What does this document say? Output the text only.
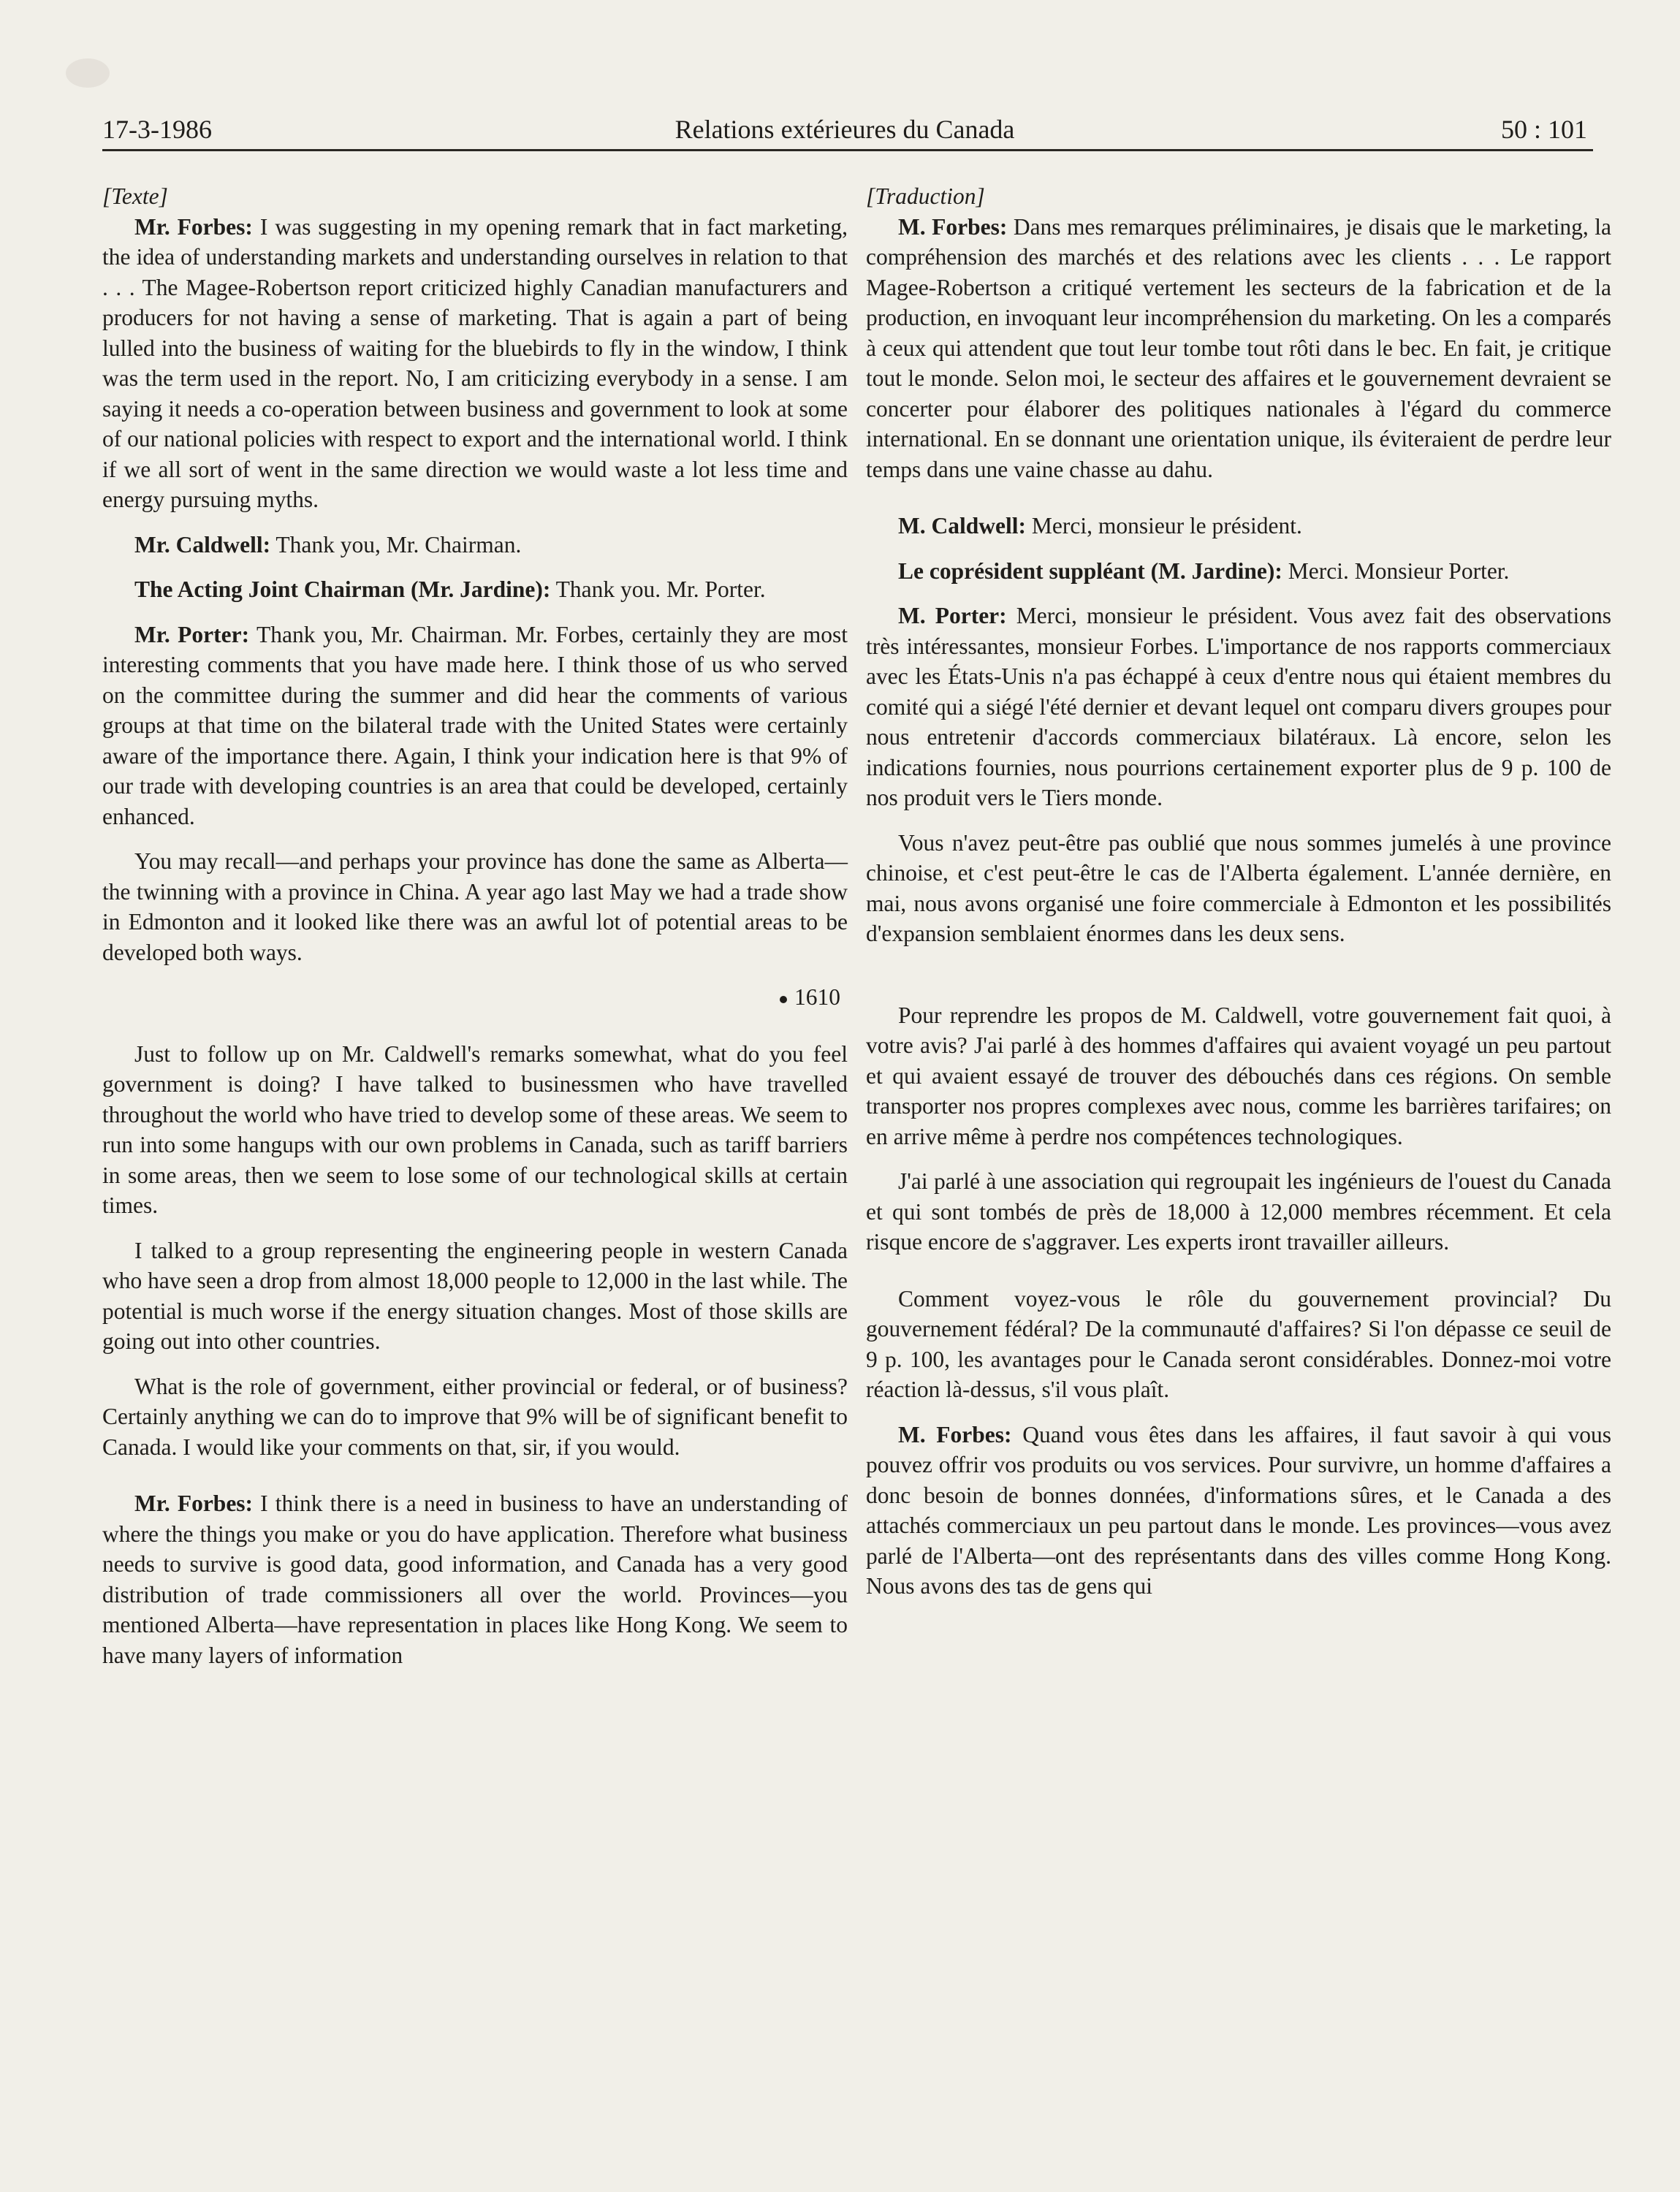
Relations extérieures du Canada
17-3-1986	50 : 101

[Texte]

Mr. Forbes: I was suggesting in my opening remark that in fact marketing, the idea of understanding markets and understanding ourselves in relation to that . . . The Magee-Robertson report criticized highly Canadian manufacturers and producers for not having a sense of marketing. That is again a part of being lulled into the business of waiting for the bluebirds to fly in the window, I think was the term used in the report. No, I am criticizing everybody in a sense. I am saying it needs a co-operation between business and government to look at some of our national policies with respect to export and the international world. I think if we all sort of went in the same direction we would waste a lot less time and energy pursuing myths.

Mr. Caldwell: Thank you, Mr. Chairman.

The Acting Joint Chairman (Mr. Jardine): Thank you. Mr. Porter.

Mr. Porter: Thank you, Mr. Chairman. Mr. Forbes, certainly they are most interesting comments that you have made here. I think those of us who served on the committee during the summer and did hear the comments of various groups at that time on the bilateral trade with the United States were certainly aware of the importance there. Again, I think your indication here is that 9% of our trade with developing countries is an area that could be developed, certainly enhanced.

You may recall—and perhaps your province has done the same as Alberta—the twinning with a province in China. A year ago last May we had a trade show in Edmonton and it looked like there was an awful lot of potential areas to be developed both ways.

1610

Just to follow up on Mr. Caldwell's remarks somewhat, what do you feel government is doing? I have talked to businessmen who have travelled throughout the world who have tried to develop some of these areas. We seem to run into some hangups with our own problems in Canada, such as tariff barriers in some areas, then we seem to lose some of our technological skills at certain times.

I talked to a group representing the engineering people in western Canada who have seen a drop from almost 18,000 people to 12,000 in the last while. The potential is much worse if the energy situation changes. Most of those skills are going out into other countries.

What is the role of government, either provincial or federal, or of business? Certainly anything we can do to improve that 9% will be of significant benefit to Canada. I would like your comments on that, sir, if you would.

Mr. Forbes: I think there is a need in business to have an understanding of where the things you make or you do have application. Therefore what business needs to survive is good data, good information, and Canada has a very good distribution of trade commissioners all over the world. Provinces—you mentioned Alberta—have representation in places like Hong Kong. We seem to have many layers of information

[Traduction]

M. Forbes: Dans mes remarques préliminaires, je disais que le marketing, la compréhension des marchés et des relations avec les clients . . . Le rapport Magee-Robertson a critiqué vertement les secteurs de la fabrication et de la production, en invoquant leur incompréhension du marketing. On les a comparés à ceux qui attendent que tout leur tombe tout rôti dans le bec. En fait, je critique tout le monde. Selon moi, le secteur des affaires et le gouvernement devraient se concerter pour élaborer des politiques nationales à l'égard du commerce international. En se donnant une orientation unique, ils éviteraient de perdre leur temps dans une vaine chasse au dahu.

M. Caldwell: Merci, monsieur le président.

Le coprésident suppléant (M. Jardine): Merci. Monsieur Porter.

M. Porter: Merci, monsieur le président. Vous avez fait des observations très intéressantes, monsieur Forbes. L'importance de nos rapports commerciaux avec les États-Unis n'a pas échappé à ceux d'entre nous qui étaient membres du comité qui a siégé l'été dernier et devant lequel ont comparu divers groupes pour nous entretenir d'accords commerciaux bilatéraux. Là encore, selon les indications fournies, nous pourrions certainement exporter plus de 9 p. 100 de nos produit vers le Tiers monde.

Vous n'avez peut-être pas oublié que nous sommes jumelés à une province chinoise, et c'est peut-être le cas de l'Alberta également. L'année dernière, en mai, nous avons organisé une foire commerciale à Edmonton et les possibilités d'expansion semblaient énormes dans les deux sens.

Pour reprendre les propos de M. Caldwell, votre gouvernement fait quoi, à votre avis? J'ai parlé à des hommes d'affaires qui avaient voyagé un peu partout et qui avaient essayé de trouver des débouchés dans ces régions. On semble transporter nos propres complexes avec nous, comme les barrières tarifaires; on en arrive même à perdre nos compétences technologiques.

J'ai parlé à une association qui regroupait les ingénieurs de l'ouest du Canada et qui sont tombés de près de 18,000 à 12,000 membres récemment. Et cela risque encore de s'aggraver. Les experts iront travailler ailleurs.

Comment voyez-vous le rôle du gouvernement provincial? Du gouvernement fédéral? De la communauté d'affaires? Si l'on dépasse ce seuil de 9 p. 100, les avantages pour le Canada seront considérables. Donnez-moi votre réaction là-dessus, s'il vous plaît.

M. Forbes: Quand vous êtes dans les affaires, il faut savoir à qui vous pouvez offrir vos produits ou vos services. Pour survivre, un homme d'affaires a donc besoin de bonnes données, d'informations sûres, et le Canada a des attachés commerciaux un peu partout dans le monde. Les provinces—vous avez parlé de l'Alberta—ont des représentants dans des villes comme Hong Kong. Nous avons des tas de gens qui
